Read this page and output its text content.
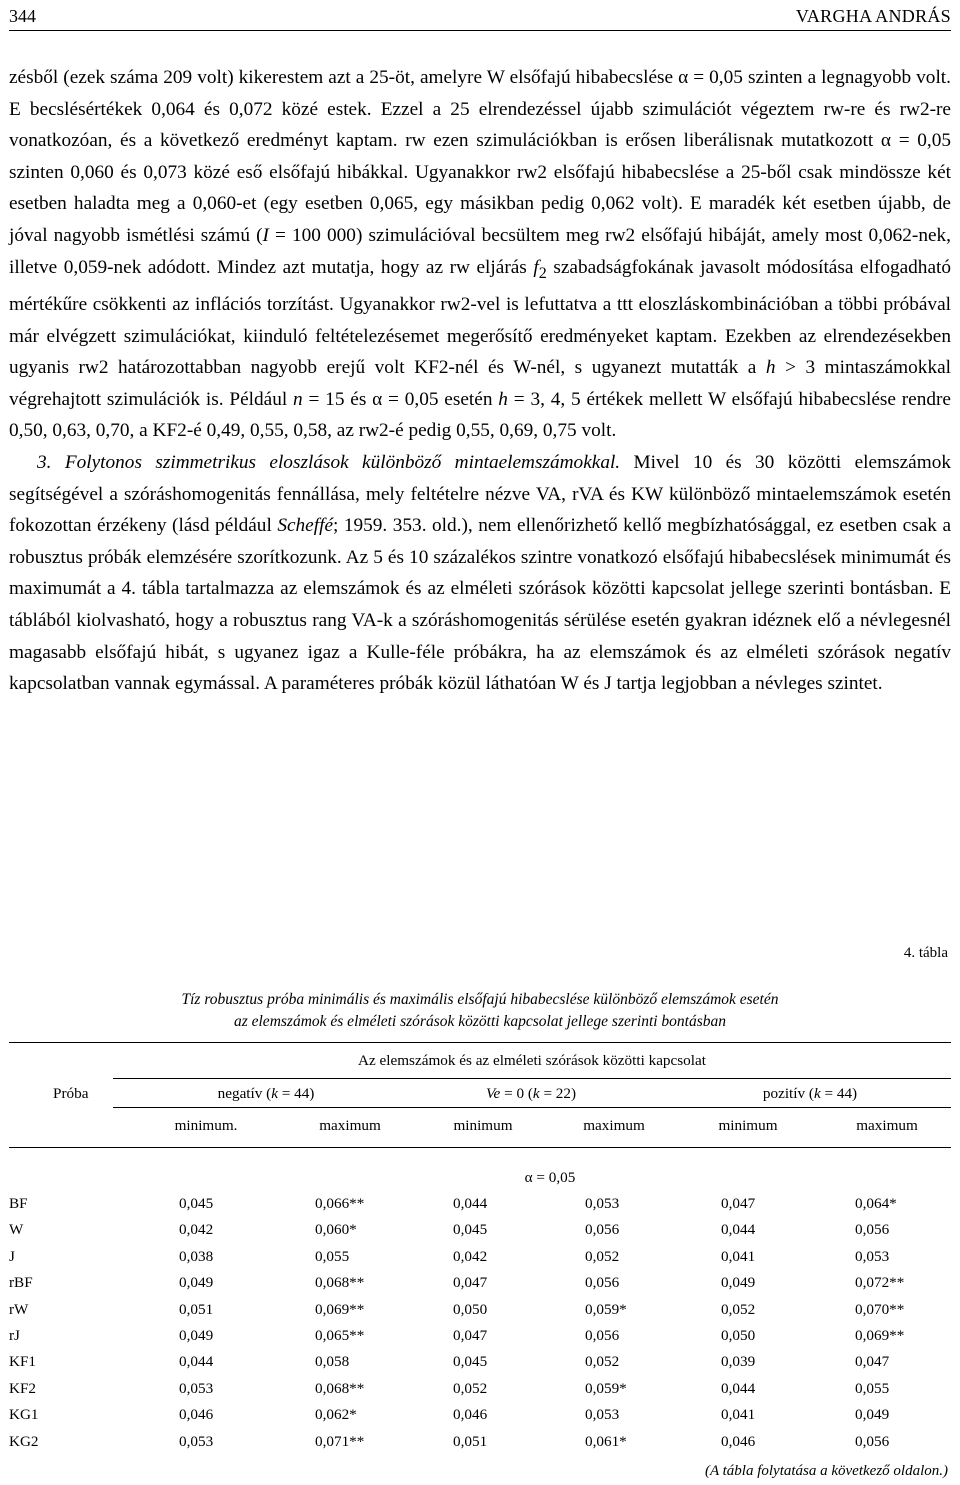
344	VARGHA ANDRÁS

zésből (ezek száma 209 volt) kikerestem azt a 25-öt, amelyre W elsőfajú hibabecslése α = 0,05 szinten a legnagyobb volt. E becslésértékek 0,064 és 0,072 közé estek. Ezzel a 25 elrendezéssel újabb szimulációt végeztem rw-re és rw2-re vonatkozóan, és a következő eredményt kaptam. rw ezen szimulációkban is erősen liberálisnak mutatkozott α = 0,05 szinten 0,060 és 0,073 közé eső elsőfajú hibákkal. Ugyanakkor rw2 elsőfajú hibabecslése a 25-ből csak mindössze két esetben haladta meg a 0,060-et (egy esetben 0,065, egy másikban pedig 0,062 volt). E maradék két esetben újabb, de jóval nagyobb ismétlési számú (I = 100 000) szimulációval becsültem meg rw2 elsőfajú hibáját, amely most 0,062-nek, illetve 0,059-nek adódott. Mindez azt mutatja, hogy az rw eljárás $f_2$ szabadságfokának javasolt módosítása elfogadható mértékűre csökkenti az inflációs torzítást. Ugyanakkor rw2-vel is lefuttatva a ttt eloszláskombinációban a többi próbával már elvégzett szimulációkat, kiinduló feltételezésemet megerősítő eredményeket kaptam. Ezekben az elrendezésekben ugyanis rw2 határozottabban nagyobb erejű volt KF2-nél és W-nél, s ugyanezt mutatták a h > 3 mintaszámokkal végrehajtott szimulációk is. Például n = 15 és α = 0,05 esetén h = 3, 4, 5 értékek mellett W elsőfajú hibabecslése rendre 0,50, 0,63, 0,70, a KF2-é 0,49, 0,55, 0,58, az rw2-é pedig 0,55, 0,69, 0,75 volt.

3. Folytonos szimmetrikus eloszlások különböző mintaelemszámokkal. Mivel 10 és 30 közötti elemszámok segítségével a szóráshomogenitás fennállása, mely feltételre nézve VA, rVA és KW különböző mintaelemszámok esetén fokozottan érzékeny (lásd például Scheffé; 1959. 353. old.), nem ellenőrizhető kellő megbízhatósággal, ez esetben csak a robusztus próbák elemzésére szorítkozunk. Az 5 és 10 százalékos szintre vonatkozó elsőfajú hibabecslések minimumát és maximumát a 4. tábla tartalmazza az elemszámok és az elméleti szórások közötti kapcsolat jellege szerinti bontásban. E táblából kiolvasható, hogy a robusztus rang VA-k a szóráshomogenitás sérülése esetén gyakran idéznek elő a névlegesnél magasabb elsőfajú hibát, s ugyanez igaz a Kulle-féle próbákra, ha az elemszámok és az elméleti szórások negatív kapcsolatban vannak egymással. A paraméteres próbák közül láthatóan W és J tartja legjobban a névleges szintet.

4. tábla
Tíz robusztus próba minimális és maximális elsőfajú hibabecslése különböző elemszámok esetén
az elemszámok és elméleti szórások közötti kapcsolat jellege szerinti bontásban
Az elemszámok és az elméleti szórások közötti kapcsolat
Próba	negatív (k = 44)	Ve = 0 (k = 22)	pozitív (k = 44)
minimum.	maximum	minimum	maximum	minimum	maximum
α = 0,05
BF	0,045	0,066**	0,044	0,053	0,047	0,064*
W	0,042	0,060*	0,045	0,056	0,044	0,056
J	0,038	0,055	0,042	0,052	0,041	0,053
rBF	0,049	0,068**	0,047	0,056	0,049	0,072**
rW	0,051	0,069**	0,050	0,059*	0,052	0,070**
rJ	0,049	0,065**	0,047	0,056	0,050	0,069**
KF1	0,044	0,058	0,045	0,052	0,039	0,047
KF2	0,053	0,068**	0,052	0,059*	0,044	0,055
KG1	0,046	0,062*	0,046	0,053	0,041	0,049
KG2	0,053	0,071**	0,051	0,061*	0,046	0,056
(A tábla folytatása a következő oldalon.)
